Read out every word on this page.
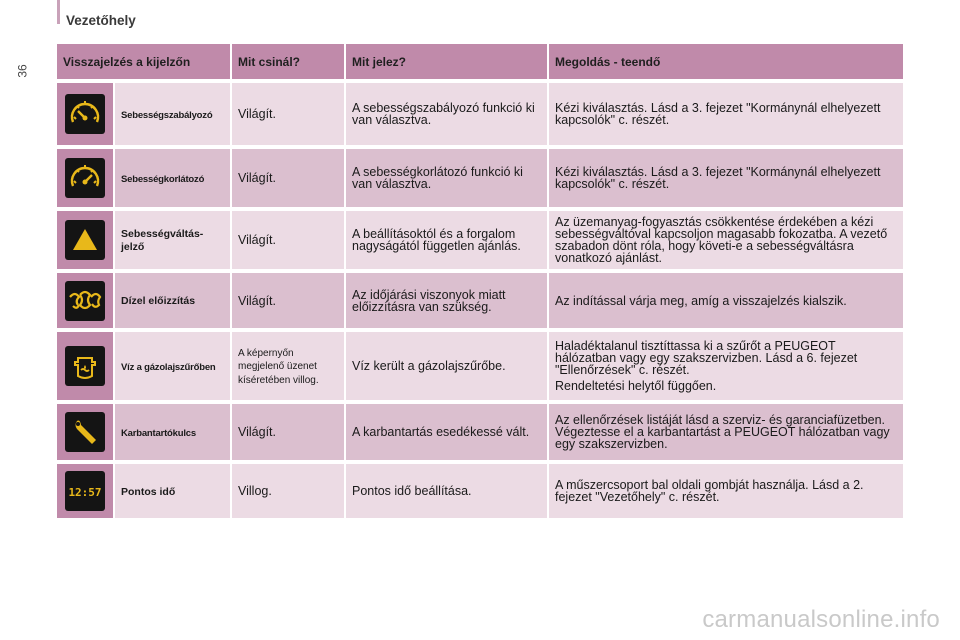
Vezetőhely
36
Visszajelzés a kijelzőn		Mit csinál?	Mit jelez?	Megoldás - teendő

	Sebességszabályozó	Világít.	A sebességszabályozó funkció ki van választva.	Kézi kiválasztás. Lásd a 3. fejezet "Kormánynál elhelyezett kapcsolók" c. részét.

	Sebességkorlátozó	Világít.	A sebességkorlátozó funkció ki van választva.	Kézi kiválasztás. Lásd a 3. fejezet "Kormánynál elhelyezett kapcsolók" c. részét.

	Sebességváltás-jelző	Világít.	A beállításoktól és a forgalom nagyságától független ajánlás.	Az üzemanyag-fogyasztás csökkentése érdekében a kézi sebességváltóval kapcsoljon magasabb fokozatba. A vezető szabadon dönt róla, hogy követi-e a sebességváltásra vonatkozó ajánlást.

	Dízel előizzítás	Világít.	Az időjárási viszonyok miatt előizzításra van szükség.	Az indítással várja meg, amíg a visszajelzés kialszik.

	Víz a gázolajszűrőben	A képernyőn megjelenő üzenet kíséretében villog.	Víz került a gázolajszűrőbe.	Haladéktalanul tisztíttassa ki a szűrőt a PEUGEOT hálózatban vagy egy szakszervizben. Lásd a 6. fejezet "Ellenőrzések" c. részét.
Rendeltetési helytől függően.

	Karbantartókulcs	Világít.	A karbantartás esedékessé vált.	Az ellenőrzések listáját lásd a szerviz- és garanciafüzetben. Végeztesse el a karbantartást a PEUGEOT hálózatban vagy egy szakszervizben.

12:57	Pontos idő	Villog.	Pontos idő beállítása.	A műszercsoport bal oldali gombját használja. Lásd a 2. fejezet "Vezetőhely" c. részét.
carmanualsonline.info
